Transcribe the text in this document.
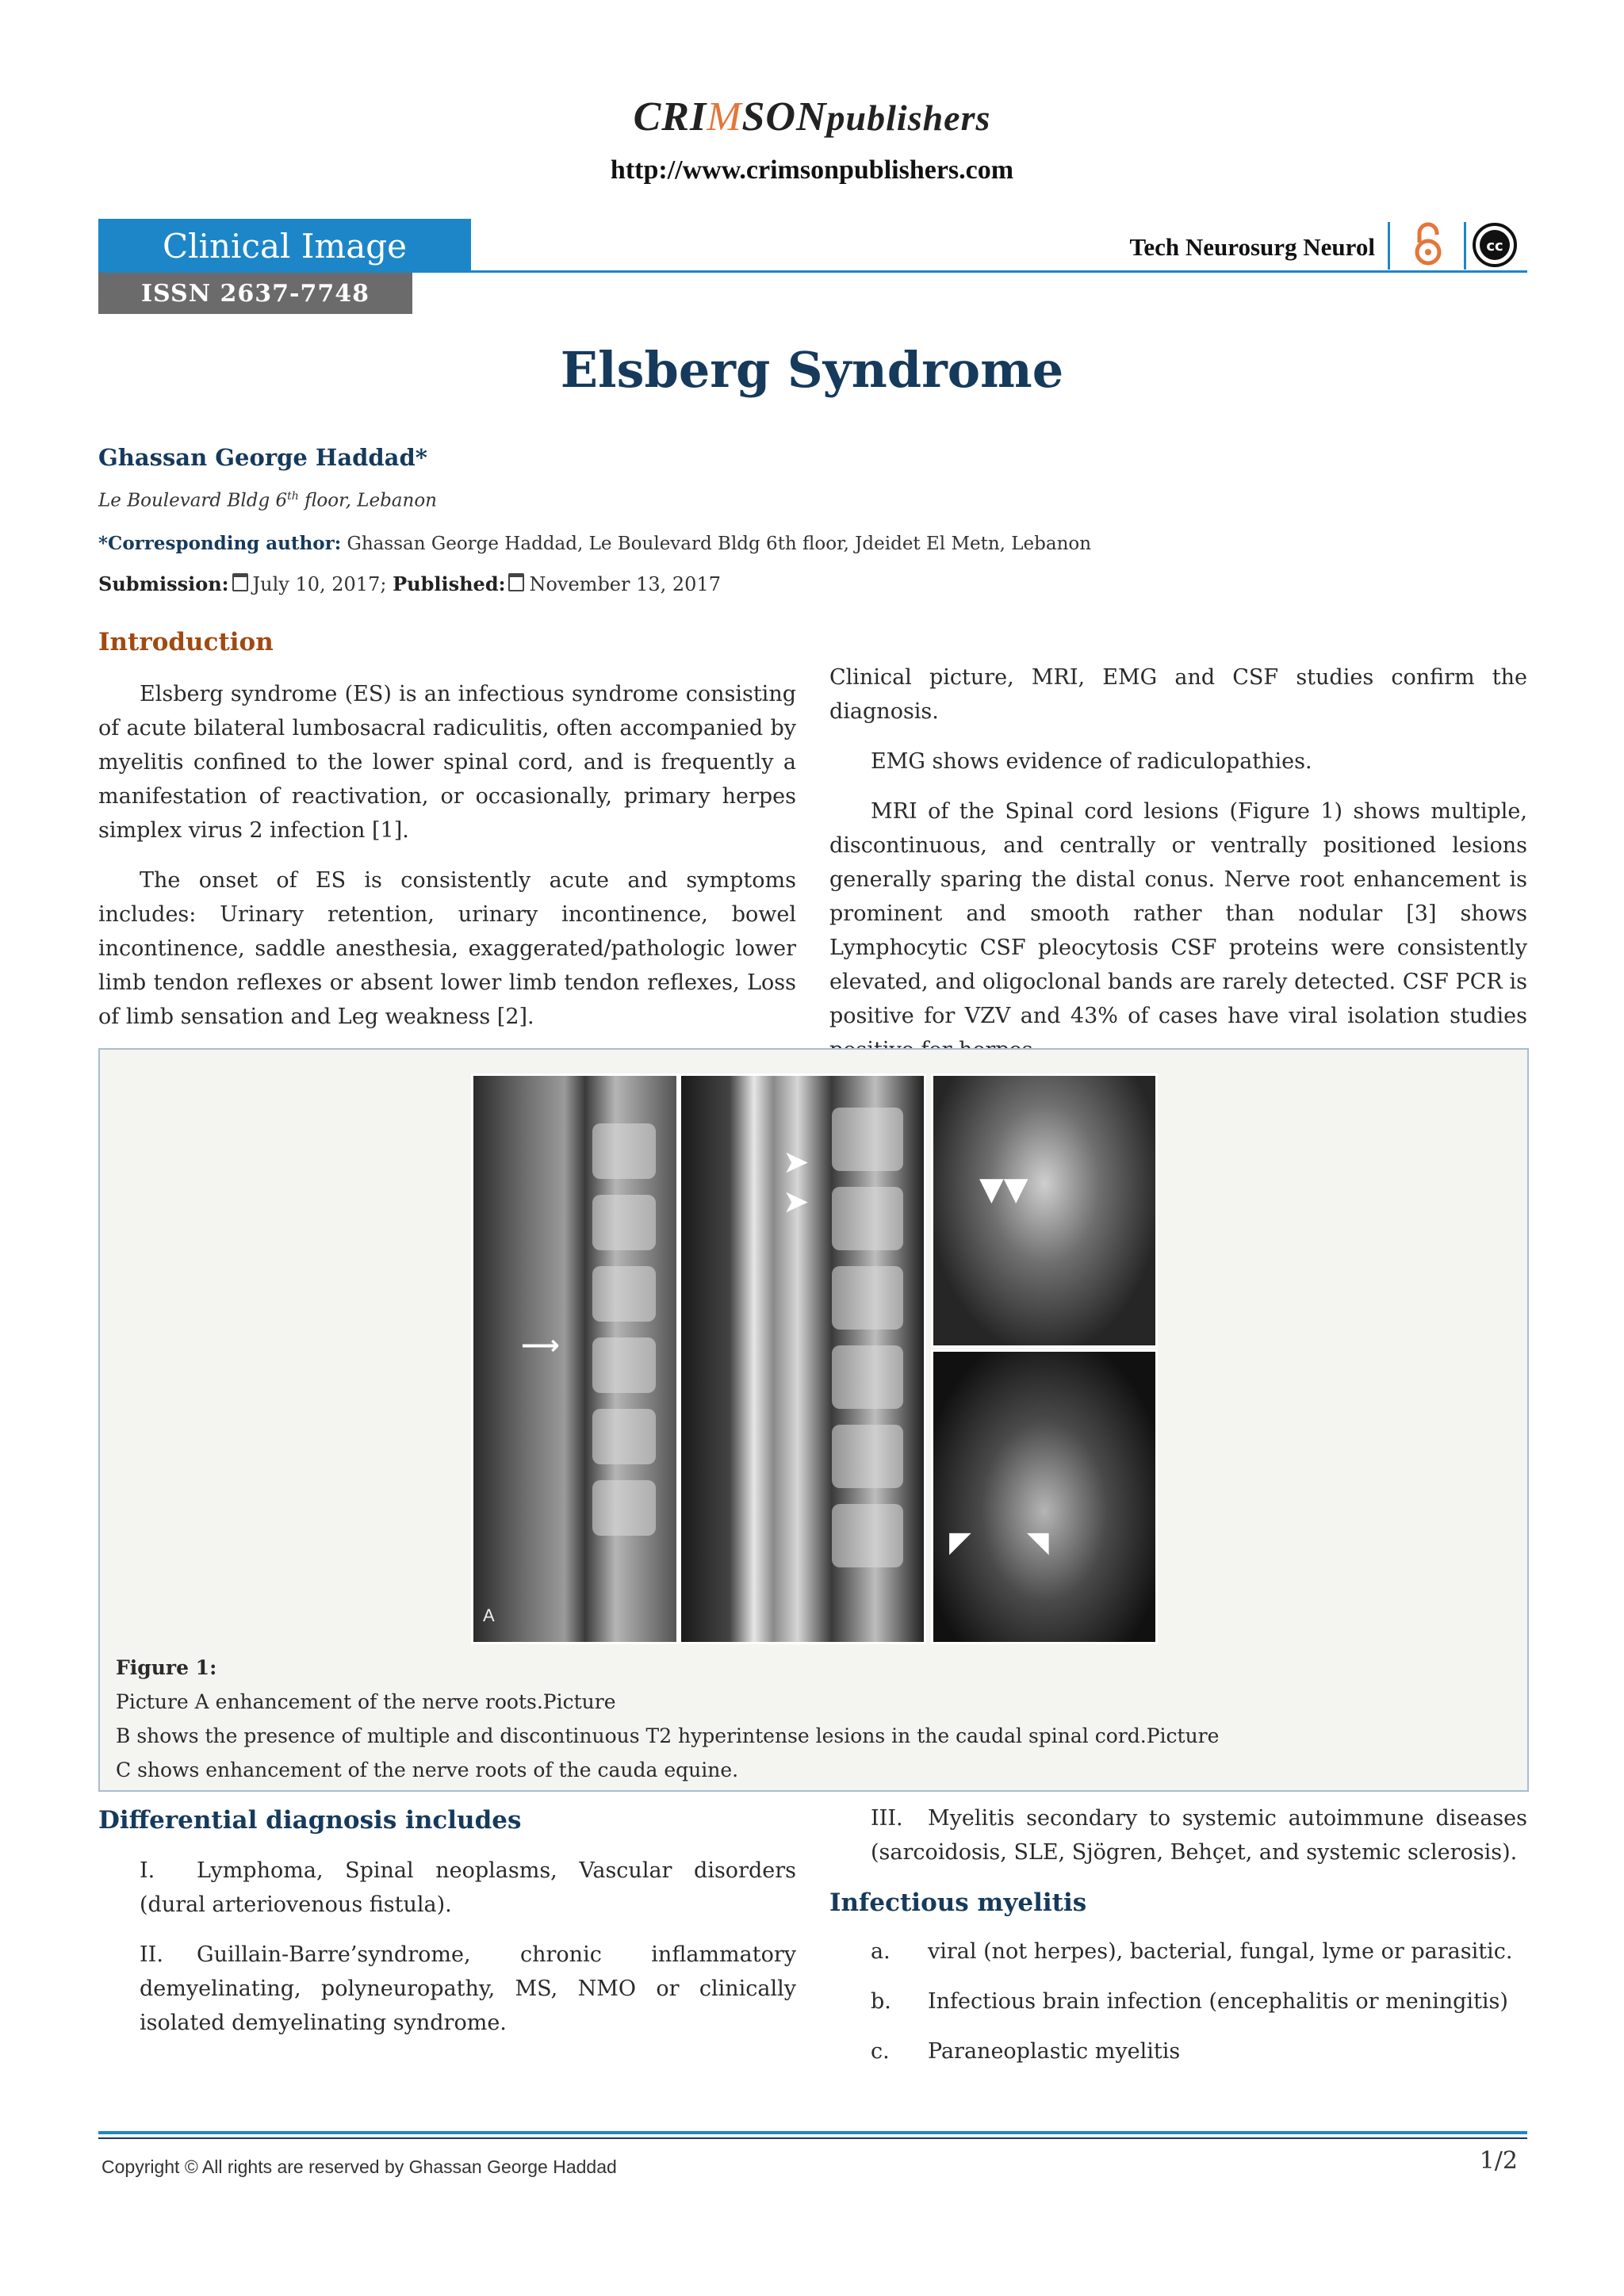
CRIMSONpublishers
http://www.crimsonpublishers.com
Clinical Image
ISSN 2637-7748
Tech Neurosurg Neurol	cc
Elsberg Syndrome
Ghassan George Haddad*
Le Boulevard Bldg 6th floor, Lebanon
*Corresponding author: Ghassan George Haddad, Le Boulevard Bldg 6th floor, Jdeidet El Metn, Lebanon
Submission: July 10, 2017; Published: November 13, 2017
Introduction

Elsberg syndrome (ES) is an infectious syndrome consisting of acute bilateral lumbosacral radiculitis, often accompanied by myelitis confined to the lower spinal cord, and is frequently a manifestation of reactivation, or occasionally, primary herpes simplex virus 2 infection [1].

The onset of ES is consistently acute and symptoms includes: Urinary retention, urinary incontinence, bowel incontinence, saddle anesthesia, exaggerated/pathologic lower limb tendon reflexes or absent lower limb tendon reflexes, Loss of limb sensation and Leg weakness [2].

Clinical picture, MRI, EMG and CSF studies confirm the diagnosis.

EMG shows evidence of radiculopathies.

MRI of the Spinal cord lesions (Figure 1) shows multiple, discontinuous, and centrally or ventrally positioned lesions generally sparing the distal conus. Nerve root enhancement is prominent and smooth rather than nodular [3] shows Lymphocytic CSF pleocytosis CSF proteins were consistently elevated, and oligoclonal bands are rarely detected. CSF PCR is positive for VZV and 43% of cases have viral isolation studies

⟶
A
➤
➤	▼▼
◤ ◥
Figure 1:
Picture A enhancement of the nerve roots.Picture
B shows the presence of multiple and discontinuous T2 hyperintense lesions in the caudal spinal cord.Picture
C shows enhancement of the nerve roots of the cauda equine.
Differential diagnosis includes
I.	Lymphoma, Spinal neoplasms, Vascular disorders (dural arteriovenous fistula).
II.	Guillain-Barre’syndrome, chronic inflammatory demyelinating, polyneuropathy, MS, NMO or clinically isolated demyelinating syndrome.
III.	Myelitis secondary to systemic autoimmune diseases (sarcoidosis, SLE, Sjögren, Behçet, and systemic sclerosis).
Infectious myelitis
a. viral (not herpes), bacterial, fungal, lyme or parasitic.
b. Infectious brain infection (encephalitis or meningitis)
c. Paraneoplastic myelitis
Copyright © All rights are reserved by Ghassan George Haddad	1/2
